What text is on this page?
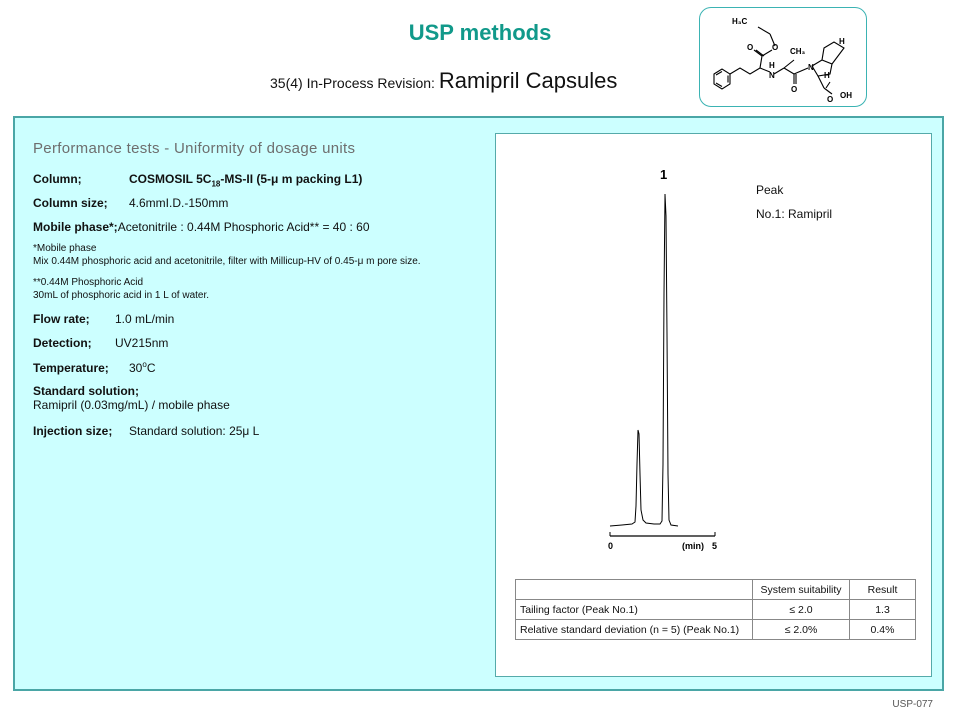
USP methods
35(4) In-Process Revision: Ramipril Capsules
H₃C
O O CH₃
H
N
H
N
O
H
O OH
Performance tests - Uniformity of dosage units
Column;	COSMOSIL $5C_{18}-MS-II$ (5-μ m packing L1)
Column size; 4.6mmI.D.-150mm
Mobile phase*;Acetonitrile : 0.44M Phosphoric Acid** = 40 : 60
*Mobile phase
Mix 0.44M phosphoric acid and acetonitrile, filter with Millicup-HV of 0.45-μ m pore size.
**0.44M Phosphoric Acid
30mL of phosphoric acid in 1 L of water.
Flow rate; 1.0 mL/min
Detection; UV215nm
Temperature; 30$^o$C
Standard solution;
Ramipril (0.03mg/mL) / mobile phase
Injection size; Standard solution: 25μ L
1
Peak
No.1: Ramipril
0	(min) 5
	System suitability	Result
Tailing factor (Peak No.1)	≤ 2.0	1.3
Relative standard deviation (n = 5) (Peak No.1)	≤ 2.0%	0.4%
USP-077
